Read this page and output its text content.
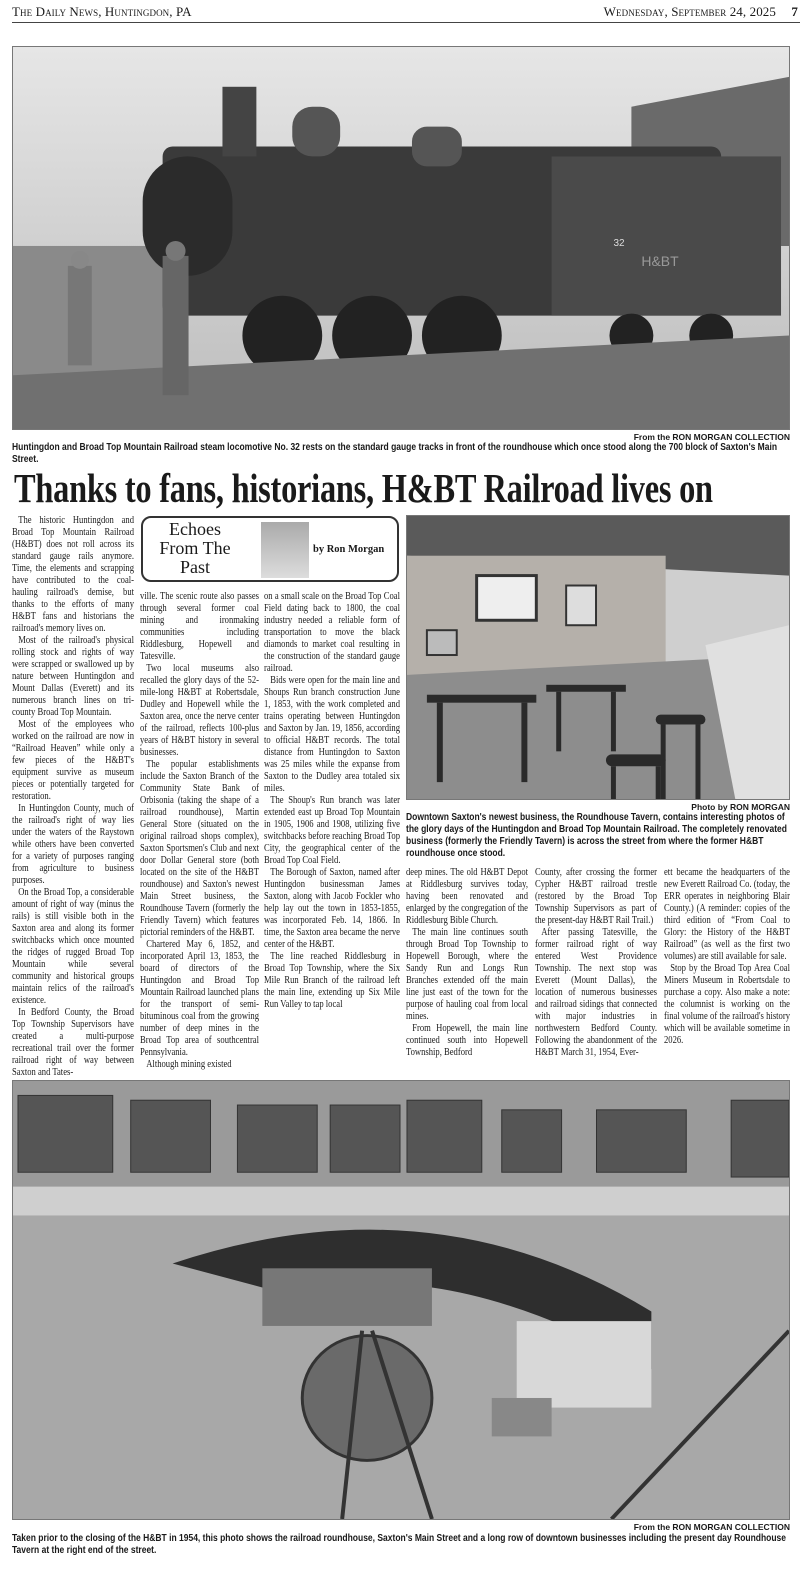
The Daily News, Huntingdon, PA	Wednesday, September 24, 2025 7
H&BT
32
From the RON MORGAN COLLECTION
Huntingdon and Broad Top Mountain Railroad steam locomotive No. 32 rests on the standard gauge tracks in front of the roundhouse which once stood along the 700 block of Saxton's Main Street.
Thanks to fans, historians, H&BT Railroad lives on

The historic Huntingdon and Broad Top Mountain Railroad (H&BT) does not roll across its standard gauge rails anymore. Time, the elements and scrapping have contributed to the coal-hauling railroad's demise, but thanks to the efforts of many H&BT fans and historians the railroad's memory lives on.

Most of the railroad's physical rolling stock and rights of way were scrapped or swallowed up by nature between Huntingdon and Mount Dallas (Everett) and its numerous branch lines on tri-county Broad Top Mountain.

Most of the employees who worked on the railroad are now in “Railroad Heaven” while only a few pieces of the H&BT's equipment survive as museum pieces or potentially targeted for restoration.

In Huntingdon County, much of the railroad's right of way lies under the waters of the Raystown while others have been converted for a variety of purposes ranging from agriculture to business purposes.

On the Broad Top, a considerable amount of right of way (minus the rails) is still visible both in the Saxton area and along its former switchbacks which once mounted the ridges of rugged Broad Top Mountain while several community and historical groups maintain relics of the railroad's existence.

In Bedford County, the Broad Top Township Supervisors have created a multi-purpose recreational trail over the former railroad right of way between Saxton and Tates-

Echoes From The Past
by Ron Morgan

ville. The scenic route also passes through several former coal mining and ironmaking communities including Riddlesburg, Hopewell and Tatesville.

Two local museums also recalled the glory days of the 52-mile-long H&BT at Robertsdale, Dudley and Hopewell while the Saxton area, once the nerve center of the railroad, reflects 100-plus years of H&BT history in several businesses.

The popular establishments include the Saxton Branch of the Community State Bank of Orbisonia (taking the shape of a railroad roundhouse), Martin General Store (situated on the original railroad shops complex), Saxton Sportsmen's Club and next door Dollar General store (both located on the site of the H&BT roundhouse) and Saxton's newest Main Street business, the Roundhouse Tavern (formerly the Friendly Tavern) which features pictorial reminders of the H&BT.

Chartered May 6, 1852, and incorporated April 13, 1853, the board of directors of the Huntingdon and Broad Top Mountain Railroad launched plans for the transport of semi-bituminous coal from the growing number of deep mines in the Broad Top area of southcentral Pennsylvania.

Although mining existed

on a small scale on the Broad Top Coal Field dating back to 1800, the coal industry needed a reliable form of transportation to move the black diamonds to market coal resulting in the construction of the standard gauge railroad.

Bids were open for the main line and Shoups Run branch construction June 1, 1853, with the work completed and trains operating between Huntingdon and Saxton by Jan. 19, 1856, according to official H&BT records. The total distance from Huntingdon to Saxton was 25 miles while the expanse from Saxton to the Dudley area totaled six miles.

The Shoup's Run branch was later extended east up Broad Top Mountain in 1905, 1906 and 1908, utilizing five switchbacks before reaching Broad Top City, the geographical center of the Broad Top Coal Field.

The Borough of Saxton, named after Huntingdon businessman James Saxton, along with Jacob Fockler who help lay out the town in 1853-1855, was incorporated Feb. 14, 1866. In time, the Saxton area became the nerve center of the H&BT.

The line reached Riddlesburg in Broad Top Township, where the Six Mile Run Branch of the railroad left the main line, extending up Six Mile Run Valley to tap local

Photo by RON MORGAN
Downtown Saxton's newest business, the Roundhouse Tavern, contains interesting photos of the glory days of the Huntingdon and Broad Top Mountain Railroad. The completely renovated business (formerly the Friendly Tavern) is across the street from where the former H&BT roundhouse once stood.

deep mines. The old H&BT Depot at Riddlesburg survives today, having been renovated and enlarged by the congregation of the Riddlesburg Bible Church.

The main line continues south through Broad Top Township to Hopewell Borough, where the Sandy Run and Longs Run Branches extended off the main line just east of the town for the purpose of hauling coal from local mines.

From Hopewell, the main line continued south into Hopewell Township, Bedford

County, after crossing the former Cypher H&BT railroad trestle (restored by the Broad Top Township Supervisors as part of the present-day H&BT Rail Trail.)

After passing Tatesville, the former railroad right of way entered West Providence Township. The next stop was Everett (Mount Dallas), the location of numerous businesses and railroad sidings that connected with major industries in northwestern Bedford County. Following the abandonment of the H&BT March 31, 1954, Ever-

ett became the headquarters of the new Everett Railroad Co. (today, the ERR operates in neighboring Blair County.) (A reminder: copies of the third edition of “From Coal to Glory: the History of the H&BT Railroad” (as well as the first two volumes) are still available for sale.

Stop by the Broad Top Area Coal Miners Museum in Robertsdale to purchase a copy. Also make a note: the columnist is working on the final volume of the railroad's history which will be available sometime in 2026.

From the RON MORGAN COLLECTION
Taken prior to the closing of the H&BT in 1954, this photo shows the railroad roundhouse, Saxton's Main Street and a long row of downtown businesses including the present day Roundhouse Tavern at the right end of the street.
